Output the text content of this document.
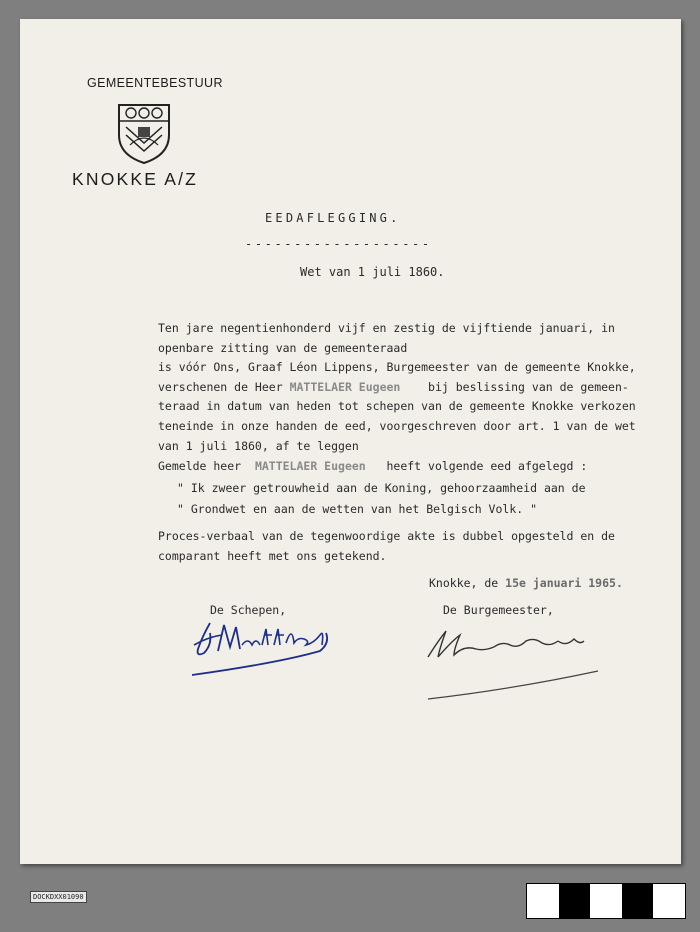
GEMEENTEBESTUUR
KNOKKE A/Z
EEDAFLEGGING.
-------------------
Wet van 1 juli 1860.
Ten jare negentienhonderd vijf en zestig de vijftiende januari, in
openbare zitting van de gemeenteraad
is vóór Ons, Graaf Léon Lippens, Burgemeester van de gemeente Knokke,
verschenen de Heer MATTELAER Eugeen    bij beslissing van de gemeen-
teraad in datum van heden tot schepen van de gemeente Knokke verkozen
teneinde in onze handen de eed, voorgeschreven door art. 1 van de wet
van 1 juli 1860, af te leggen
Gemelde heer  MATTELAER Eugeen   heeft volgende eed afgelegd :
" Ik zweer getrouwheid aan de Koning, gehoorzaamheid aan de
" Grondwet en aan de wetten van het Belgisch Volk. "
Proces-verbaal van de tegenwoordige akte is dubbel opgesteld en de
comparant heeft met ons getekend.
Knokke, de 15e januari 1965.
De Schepen,	De Burgemeester,
DOCKDXX01090
